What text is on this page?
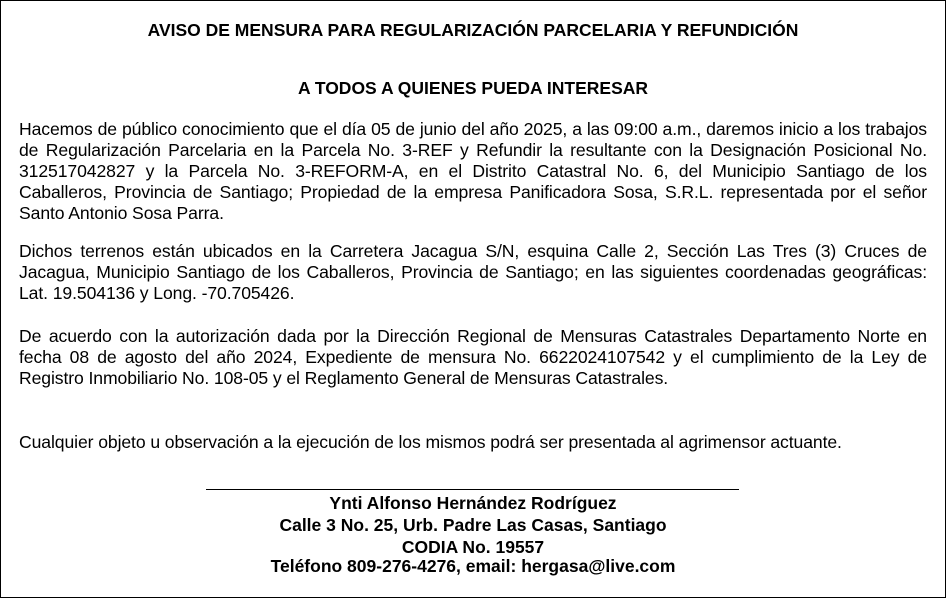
AVISO DE MENSURA PARA REGULARIZACIÓN PARCELARIA Y REFUNDICIÓN
A TODOS A QUIENES PUEDA INTERESAR
Hacemos de público conocimiento que el día 05 de junio del año 2025, a las 09:00 a.m., daremos inicio a los trabajos de Regularización Parcelaria en la Parcela No. 3-REF y Refundir la resultante con la Designación Posicional No. 312517042827 y la Parcela No. 3-REFORM-A, en el Distrito Catastral No. 6, del Municipio Santiago de los Caballeros, Provincia de Santiago; Propiedad de la empresa Panificadora Sosa, S.R.L. representada por el señor Santo Antonio Sosa Parra.
Dichos terrenos están ubicados en la Carretera Jacagua S/N, esquina Calle 2, Sección Las Tres (3) Cruces de Jacagua, Municipio Santiago de los Caballeros, Provincia de Santiago; en las siguientes coordenadas geográficas: Lat. 19.504136 y Long. -70.705426.
De acuerdo con la autorización dada por la Dirección Regional de Mensuras Catastrales Departamento Norte en fecha 08 de agosto del año 2024, Expediente de mensura No. 6622024107542 y el cumplimiento de la Ley de Registro Inmobiliario No. 108-05 y el Reglamento General de Mensuras Catastrales.
Cualquier objeto u observación a la ejecución de los mismos podrá ser presentada al agrimensor actuante.
Ynti Alfonso Hernández Rodríguez
Calle 3 No. 25, Urb. Padre Las Casas, Santiago
CODIA No. 19557
Teléfono 809-276-4276, email: hergasa@live.com
